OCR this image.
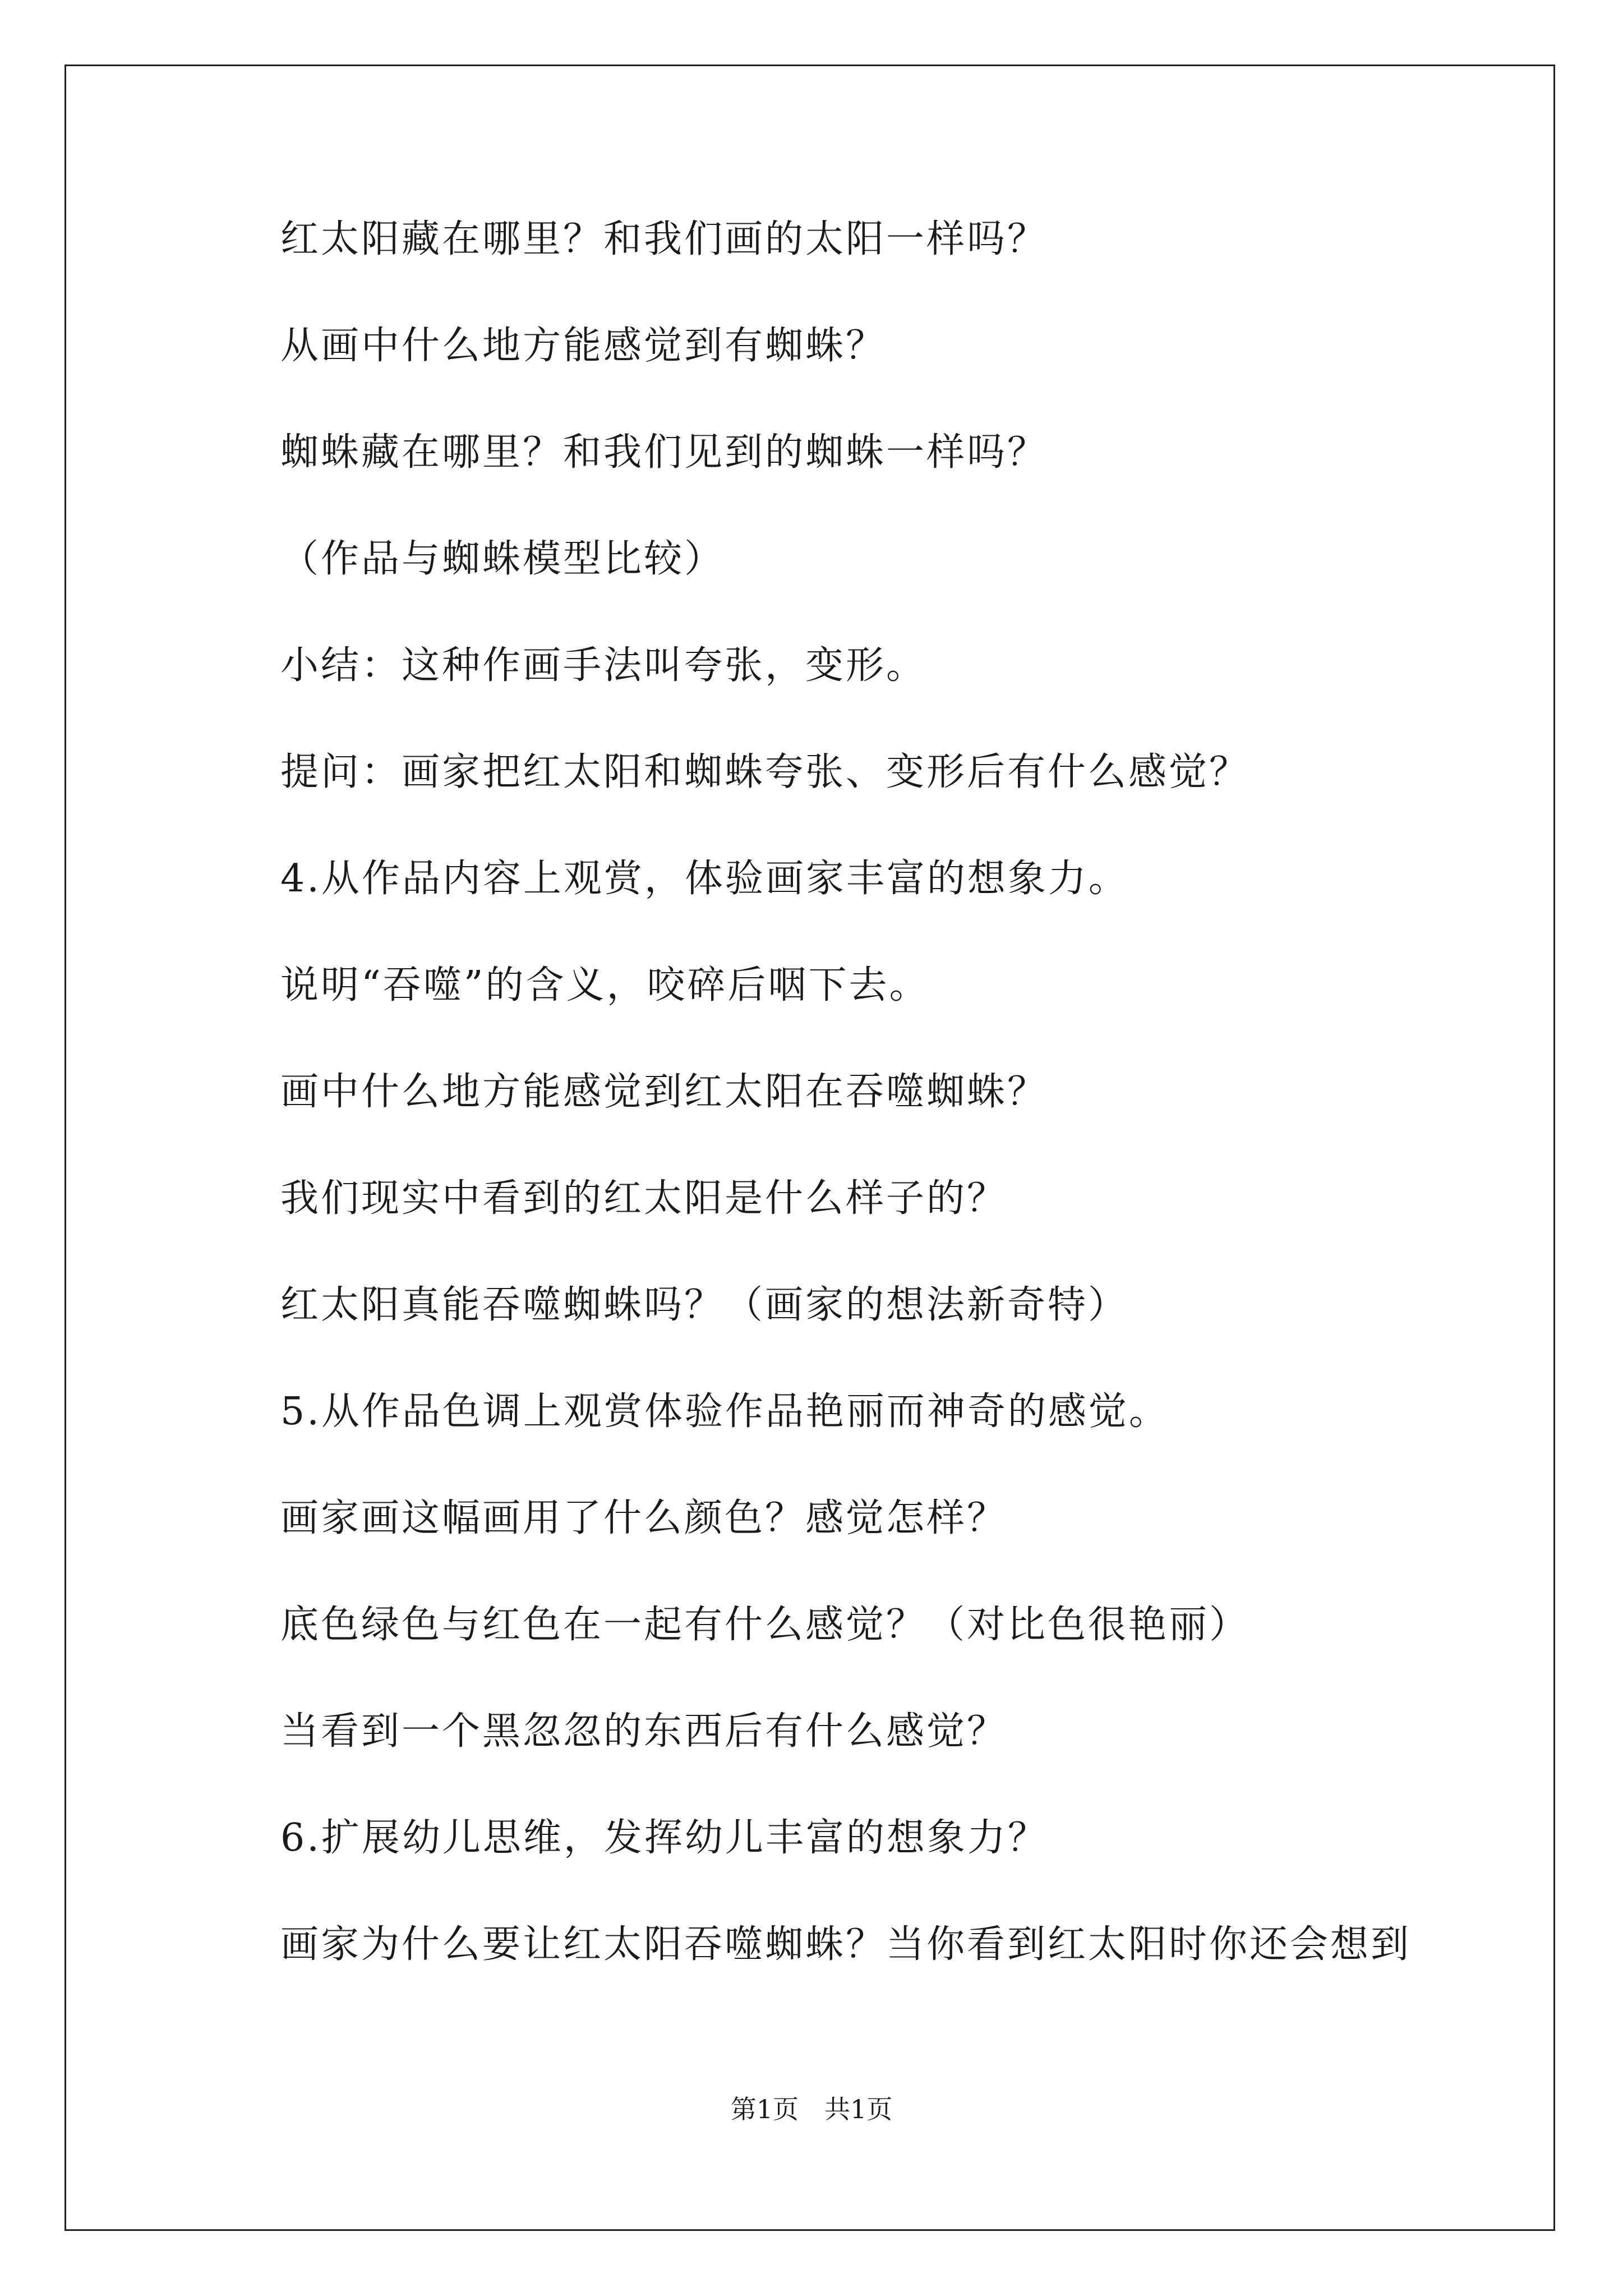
红太阳藏在哪里？和我们画的太阳一样吗？

从画中什么地方能感觉到有蜘蛛？

蜘蛛藏在哪里？和我们见到的蜘蛛一样吗？

（作品与蜘蛛模型比较）

小结：这种作画手法叫夸张，变形。

提问：画家把红太阳和蜘蛛夸张、变形后有什么感觉？

4.从作品内容上观赏，体验画家丰富的想象力。

说明“吞噬”的含义，咬碎后咽下去。

画中什么地方能感觉到红太阳在吞噬蜘蛛？

我们现实中看到的红太阳是什么样子的？

红太阳真能吞噬蜘蛛吗？（画家的想法新奇特）

5.从作品色调上观赏体验作品艳丽而神奇的感觉。

画家画这幅画用了什么颜色？感觉怎样？

底色绿色与红色在一起有什么感觉？（对比色很艳丽）

当看到一个黑忽忽的东西后有什么感觉？

6.扩展幼儿思维，发挥幼儿丰富的想象力？

画家为什么要让红太阳吞噬蜘蛛？当你看到红太阳时你还会想到

第1页　共1页
